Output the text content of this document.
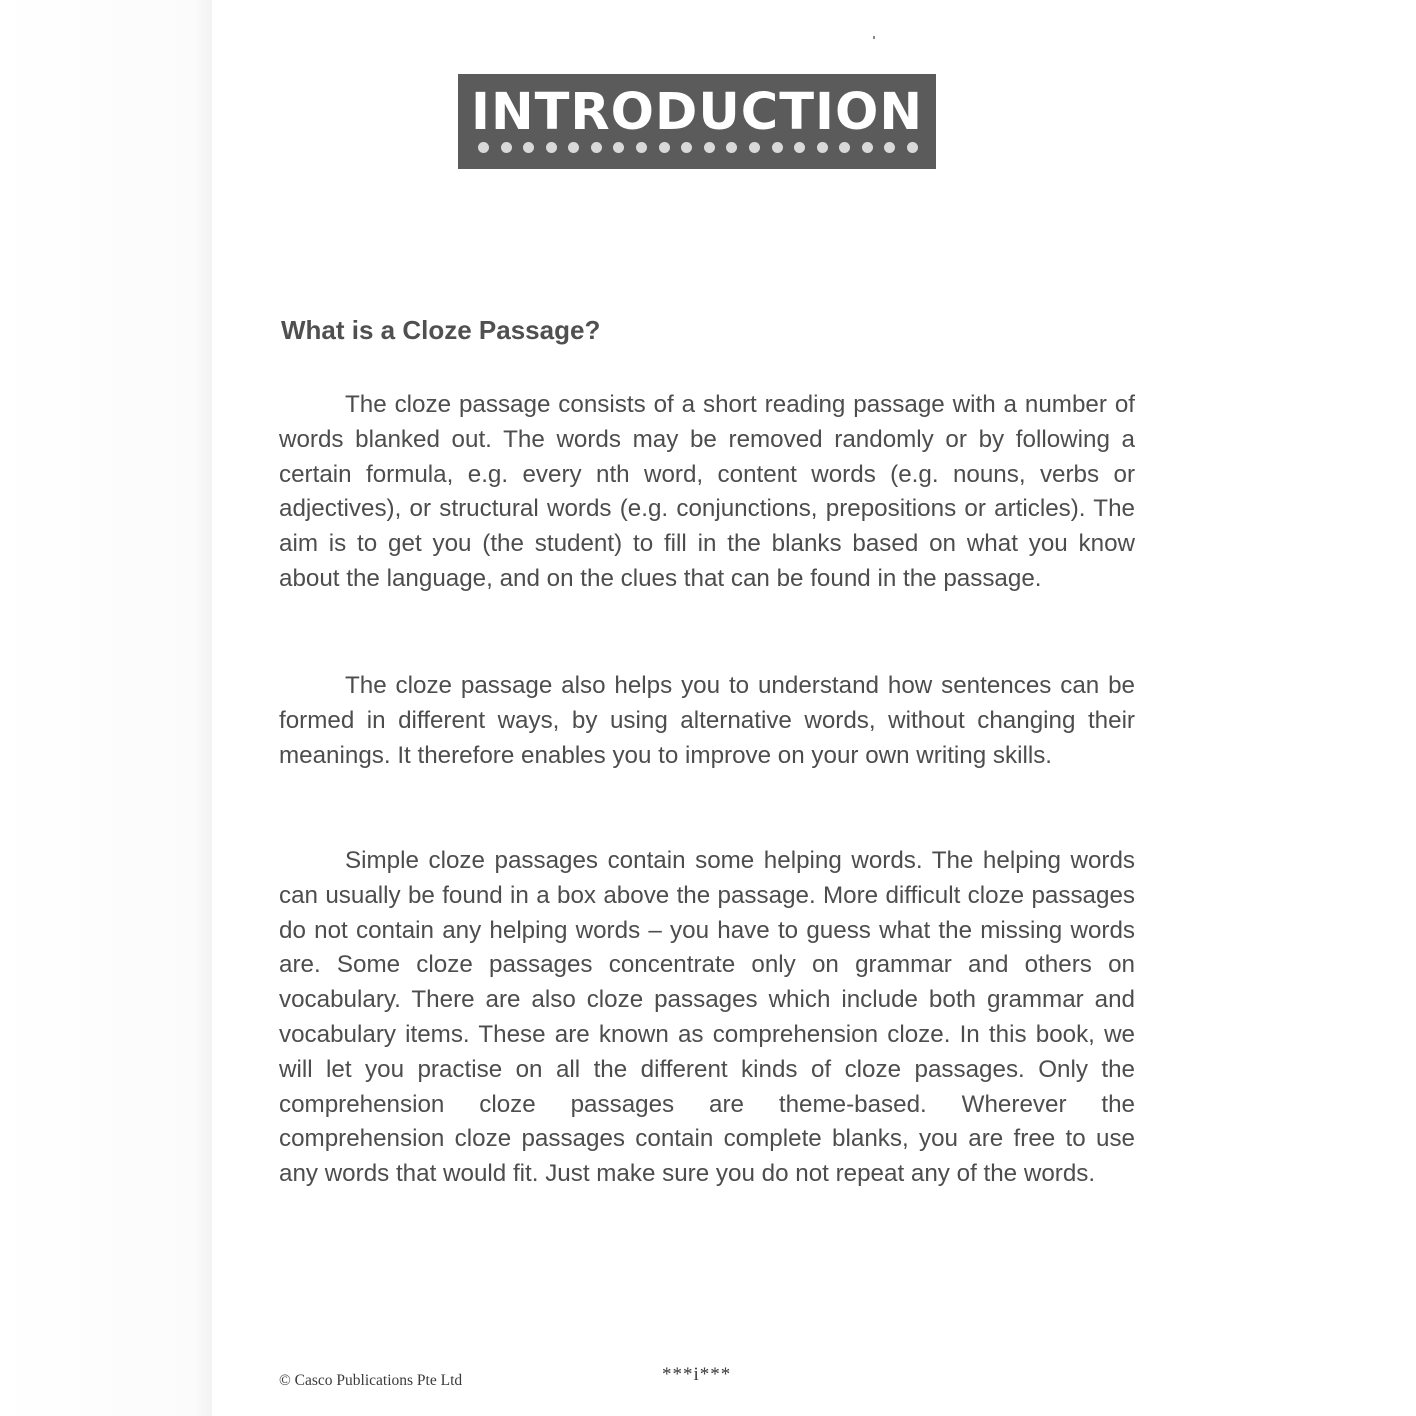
INTRODUCTION
What is a Cloze Passage?

The cloze passage consists of a short reading passage with a number of words blanked out. The words may be removed randomly or by following a certain formula, e.g. every nth word, content words (e.g. nouns, verbs or adjectives), or structural words (e.g. conjunctions, prepositions or articles). The aim is to get you (the student) to fill in the blanks based on what you know about the language, and on the clues that can be found in the passage.

The cloze passage also helps you to understand how sentences can be formed in different ways, by using alternative words, without changing their meanings. It therefore enables you to improve on your own writing skills.

Simple cloze passages contain some helping words. The helping words can usually be found in a box above the passage. More difficult cloze passages do not contain any helping words – you have to guess what the missing words are. Some cloze passages concentrate only on grammar and others on vocabulary. There are also cloze passages which include both grammar and vocabulary items. These are known as comprehension cloze. In this book, we will let you practise on all the different kinds of cloze passages. Only the comprehension cloze passages are theme-based. Wherever the comprehension cloze passages contain complete blanks, you are free to use any words that would fit. Just make sure you do not repeat any of the words.

© Casco Publications Pte Ltd	***i***
